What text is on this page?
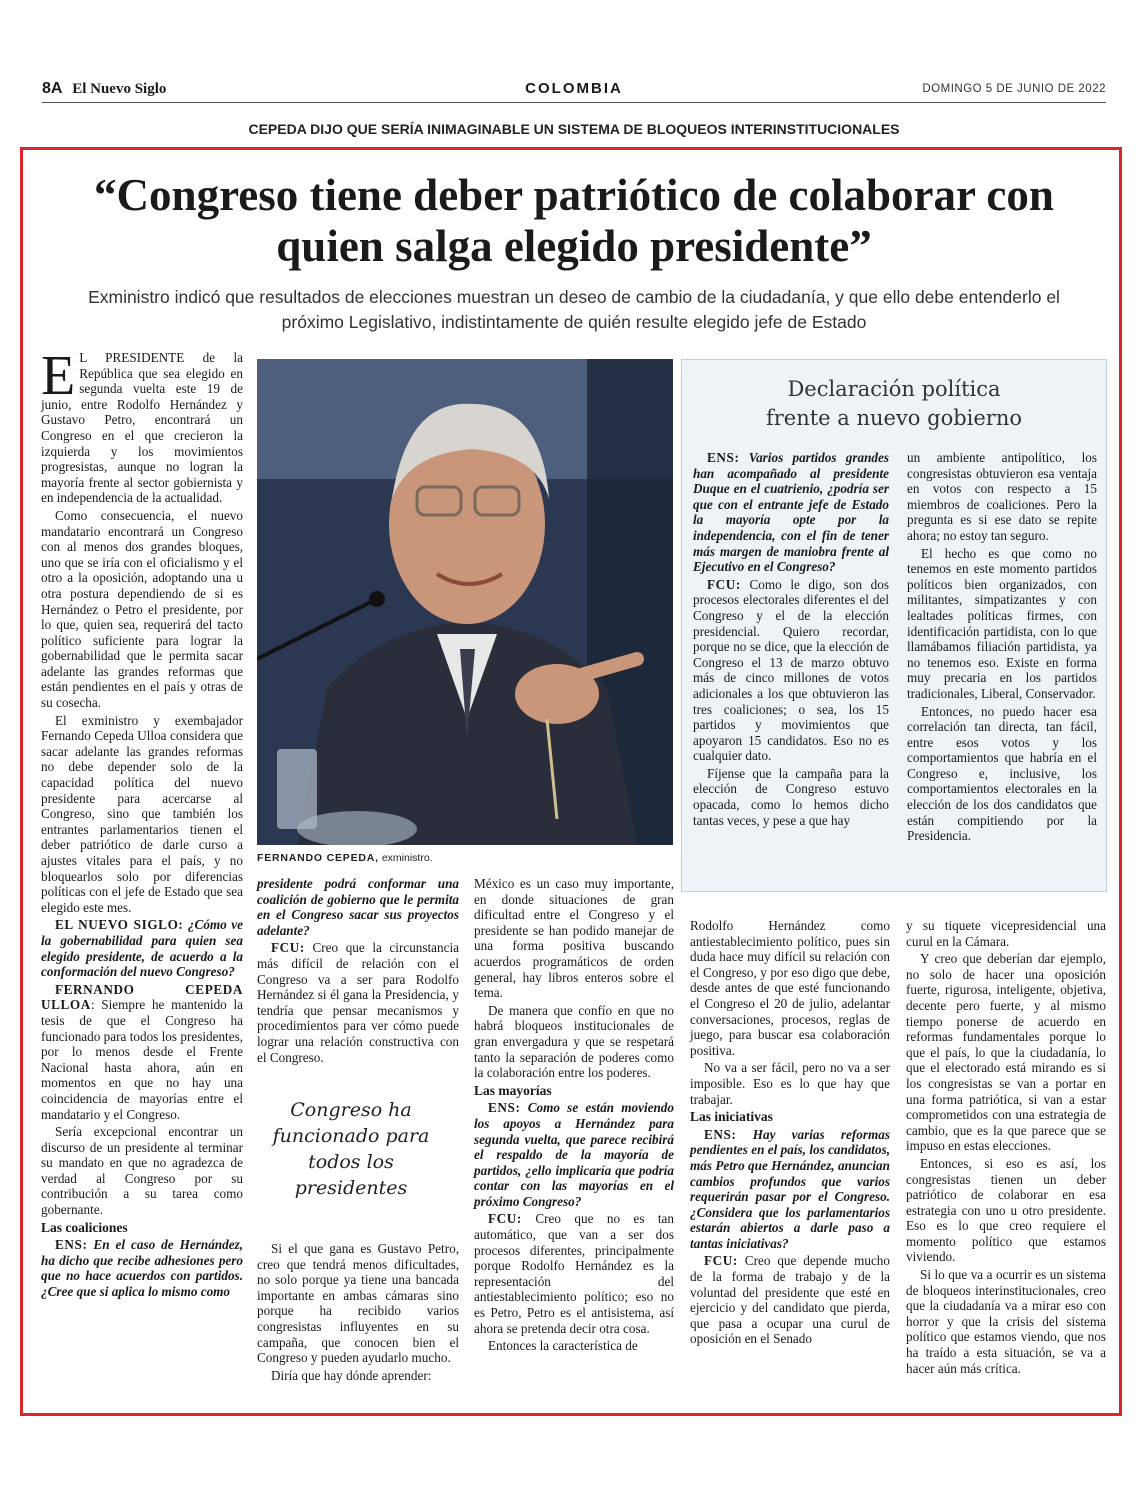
8A El Nuevo Siglo	COLOMBIA	DOMINGO 5 DE JUNIO DE 2022
CEPEDA DIJO QUE SERÍA INIMAGINABLE UN SISTEMA DE BLOQUEOS INTERINSTITUCIONALES
“Congreso tiene deber patriótico de colaborar con quien salga elegido presidente”
Exministro indicó que resultados de elecciones muestran un deseo de cambio de la ciudadanía, y que ello debe entenderlo el próximo Legislativo, indistintamente de quién resulte elegido jefe de Estado

E L PRESIDENTE de la República que sea elegido en segunda vuelta este 19 de junio, entre Rodolfo Hernández y Gustavo Petro, encontrará un Congreso en el que crecieron la izquierda y los movimientos progresistas, aunque no logran la mayoría frente al sector gobiernista y en independencia de la actualidad.

Como consecuencia, el nuevo mandatario encontrará un Congreso con al menos dos grandes bloques, uno que se iría con el oficialismo y el otro a la oposición, adoptando una u otra postura dependiendo de si es Hernández o Petro el presidente, por lo que, quien sea, requerirá del tacto político suficiente para lograr la gobernabilidad que le permita sacar adelante las grandes reformas que están pendientes en el país y otras de su cosecha.

El exministro y exembajador Fernando Cepeda Ulloa considera que sacar adelante las grandes reformas no debe depender solo de la capacidad política del nuevo presidente para acercarse al Congreso, sino que también los entrantes parlamentarios tienen el deber patriótico de darle curso a ajustes vitales para el país, y no bloquearlos solo por diferencias políticas con el jefe de Estado que sea elegido este mes.

EL NUEVO SIGLO: ¿Cómo ve la gobernabilidad para quien sea elegido presidente, de acuerdo a la conformación del nuevo Congreso?

FERNANDO CEPEDA ULLOA: Siempre he mantenido la tesis de que el Congreso ha funcionado para todos los presidentes, por lo menos desde el Frente Nacional hasta ahora, aún en momentos en que no hay una coincidencia de mayorías entre el mandatario y el Congreso.

Sería excepcional encontrar un discurso de un presidente al terminar su mandato en que no agradezca de verdad al Congreso por su contribución a su tarea como gobernante.

Las coaliciones

ENS: En el caso de Hernández, ha dicho que recibe adhesiones pero que no hace acuerdos con partidos. ¿Cree que si aplica lo mismo como

FERNANDO CEPEDA, exministro.
Declaración política
frente a nuevo gobierno

ENS: Varios partidos grandes han acompañado al presidente Duque en el cuatrienio, ¿podría ser que con el entrante jefe de Estado la mayoría opte por la independencia, con el fin de tener más margen de maniobra frente al Ejecutivo en el Congreso?

FCU: Como le digo, son dos procesos electorales diferentes el del Congreso y el de la elección presidencial. Quiero recordar, porque no se dice, que la elección de Congreso el 13 de marzo obtuvo más de cinco millones de votos adicionales a los que obtuvieron las tres coaliciones; o sea, los 15 partidos y movimientos que apoyaron 15 candidatos. Eso no es cualquier dato.

Fíjense que la campaña para la elección de Congreso estuvo opacada, como lo hemos dicho tantas veces, y pese a que hay

un ambiente antipolítico, los congresistas obtuvieron esa ventaja en votos con respecto a 15 miembros de coaliciones. Pero la pregunta es si ese dato se repite ahora; no estoy tan seguro.

El hecho es que como no tenemos en este momento partidos políticos bien organizados, con militantes, simpatizantes y con lealtades políticas firmes, con identificación partidista, con lo que llamábamos filiación partidista, ya no tenemos eso. Existe en forma muy precaria en los partidos tradicionales, Liberal, Conservador.

Entonces, no puedo hacer esa correlación tan directa, tan fácil, entre esos votos y los comportamientos que habría en el Congreso e, inclusive, los comportamientos electorales en la elección de los dos candidatos que están compitiendo por la Presidencia.

presidente podrá conformar una coalición de gobierno que le permita en el Congreso sacar sus proyectos adelante?

FCU: Creo que la circunstancia más difícil de relación con el Congreso va a ser para Rodolfo Hernández si él gana la Presidencia, y tendría que pensar mecanismos y procedimientos para ver cómo puede lograr una relación constructiva con el Congreso.

Congreso ha funcionado para todos los presidentes

Si el que gana es Gustavo Petro, creo que tendrá menos dificultades, no solo porque ya tiene una bancada importante en ambas cámaras sino porque ha recibido varios congresistas influyentes en su campaña, que conocen bien el Congreso y pueden ayudarlo mucho.

Diría que hay dónde aprender:

México es un caso muy importante, en donde situaciones de gran dificultad entre el Congreso y el presidente se han podido manejar de una forma positiva buscando acuerdos programáticos de orden general, hay libros enteros sobre el tema.

De manera que confío en que no habrá bloqueos institucionales de gran envergadura y que se respetará tanto la separación de poderes como la colaboración entre los poderes.

Las mayorías

ENS: Como se están moviendo los apoyos a Hernández para segunda vuelta, que parece recibirá el respaldo de la mayoría de partidos, ¿ello implicaría que podría contar con las mayorías en el próximo Congreso?

FCU: Creo que no es tan automático, que van a ser dos procesos diferentes, principalmente porque Rodolfo Hernández es la representación del antiestablecimiento político; eso no es Petro, Petro es el antisistema, así ahora se pretenda decir otra cosa.

Entonces la característica de

Rodolfo Hernández como antiestablecimiento político, pues sin duda hace muy difícil su relación con el Congreso, y por eso digo que debe, desde antes de que esté funcionando el Congreso el 20 de julio, adelantar conversaciones, procesos, reglas de juego, para buscar esa colaboración positiva.

No va a ser fácil, pero no va a ser imposible. Eso es lo que hay que trabajar.

Las iniciativas

ENS: Hay varias reformas pendientes en el país, los candidatos, más Petro que Hernández, anuncian cambios profundos que varios requerirán pasar por el Congreso. ¿Considera que los parlamentarios estarán abiertos a darle paso a tantas iniciativas?

FCU: Creo que depende mucho de la forma de trabajo y de la voluntad del presidente que esté en ejercicio y del candidato que pierda, que pasa a ocupar una curul de oposición en el Senado

y su tiquete vicepresidencial una curul en la Cámara.

Y creo que deberían dar ejemplo, no solo de hacer una oposición fuerte, rigurosa, inteligente, objetiva, decente pero fuerte, y al mismo tiempo ponerse de acuerdo en reformas fundamentales porque lo que el país, lo que la ciudadanía, lo que el electorado está mirando es si los congresistas se van a portar en una forma patriótica, si van a estar comprometidos con una estrategia de cambio, que es la que parece que se impuso en estas elecciones.

Entonces, si eso es así, los congresistas tienen un deber patriótico de colaborar en esa estrategia con uno u otro presidente. Eso es lo que creo requiere el momento político que estamos viviendo.

Si lo que va a ocurrir es un sistema de bloqueos interinstitucionales, creo que la ciudadanía va a mirar eso con horror y que la crisis del sistema político que estamos viendo, que nos ha traído a esta situación, se va a hacer aún más crítica.
